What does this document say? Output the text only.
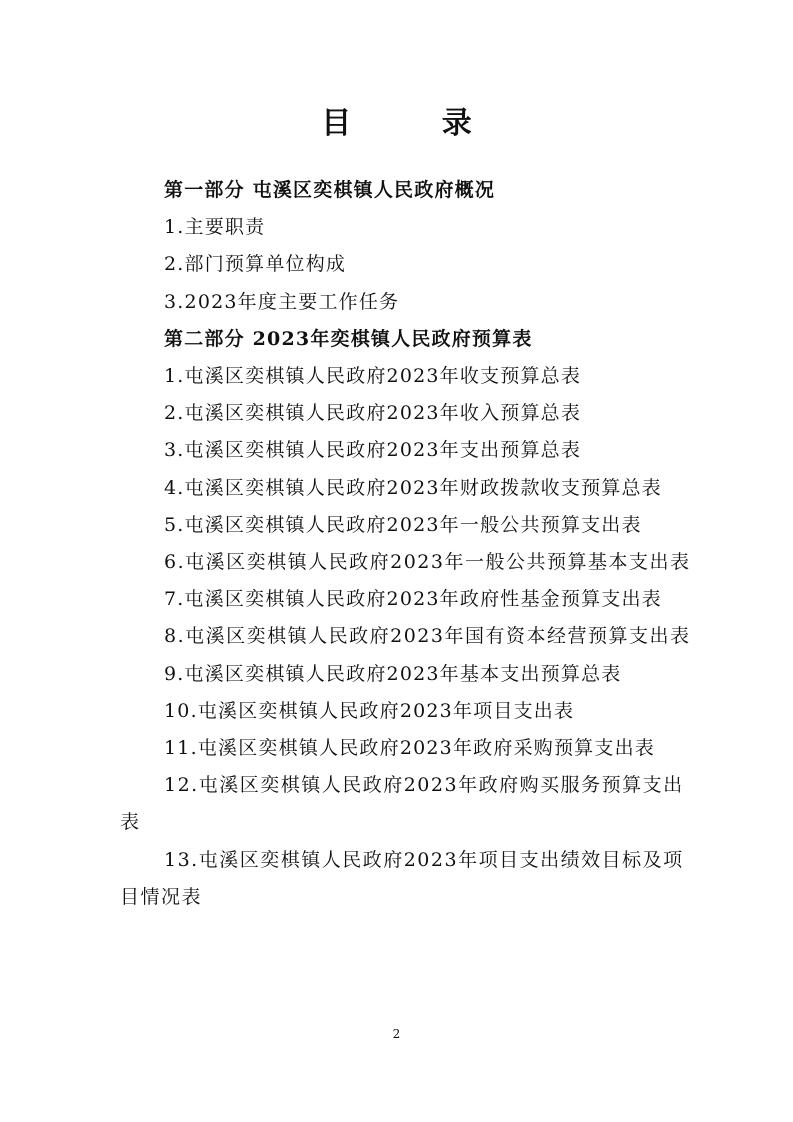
目 录
第一部分 屯溪区奕棋镇人民政府概况
1.主要职责
2.部门预算单位构成
3.2023年度主要工作任务
第二部分 2023年奕棋镇人民政府预算表
1.屯溪区奕棋镇人民政府2023年收支预算总表
2.屯溪区奕棋镇人民政府2023年收入预算总表
3.屯溪区奕棋镇人民政府2023年支出预算总表
4.屯溪区奕棋镇人民政府2023年财政拨款收支预算总表
5.屯溪区奕棋镇人民政府2023年一般公共预算支出表
6.屯溪区奕棋镇人民政府2023年一般公共预算基本支出表
7.屯溪区奕棋镇人民政府2023年政府性基金预算支出表
8.屯溪区奕棋镇人民政府2023年国有资本经营预算支出表
9.屯溪区奕棋镇人民政府2023年基本支出预算总表
10.屯溪区奕棋镇人民政府2023年项目支出表
11.屯溪区奕棋镇人民政府2023年政府采购预算支出表
12.屯溪区奕棋镇人民政府2023年政府购买服务预算支出表
13.屯溪区奕棋镇人民政府2023年项目支出绩效目标及项目情况表
2
